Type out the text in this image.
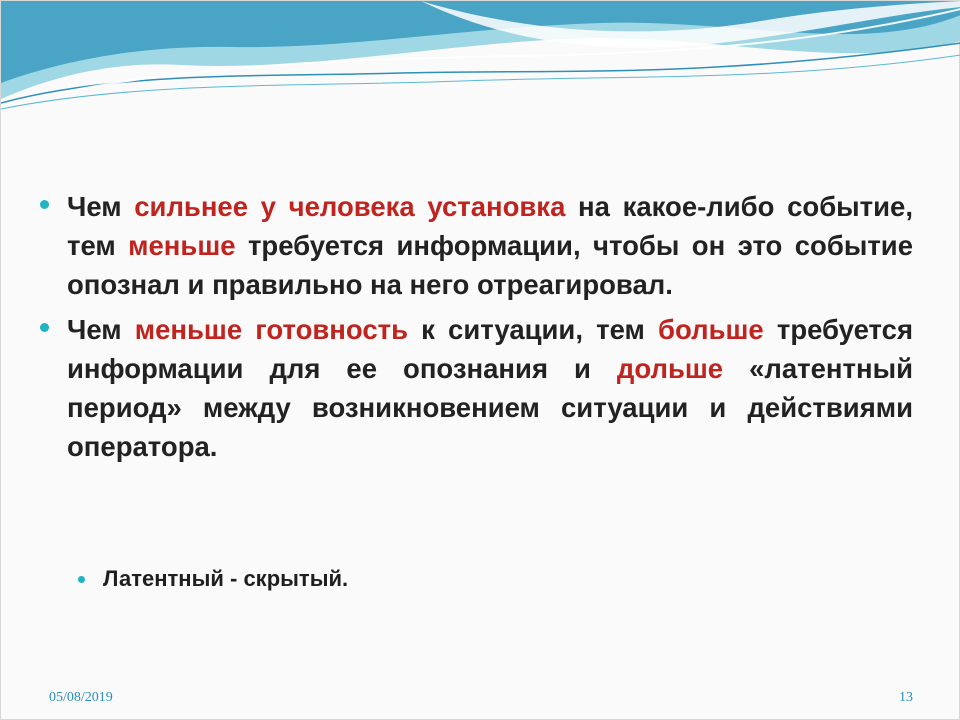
Чем сильнее у человека установка на какое-либо событие, тем меньше требуется информации, чтобы он это событие опознал и правильно на него отреагировал.
Чем меньше готовность к ситуации, тем больше требуется информации для ее опознания и дольше «латентный период» между возникновением ситуации и действиями оператора.
Латентный - скрытый.
05/08/2019	13
